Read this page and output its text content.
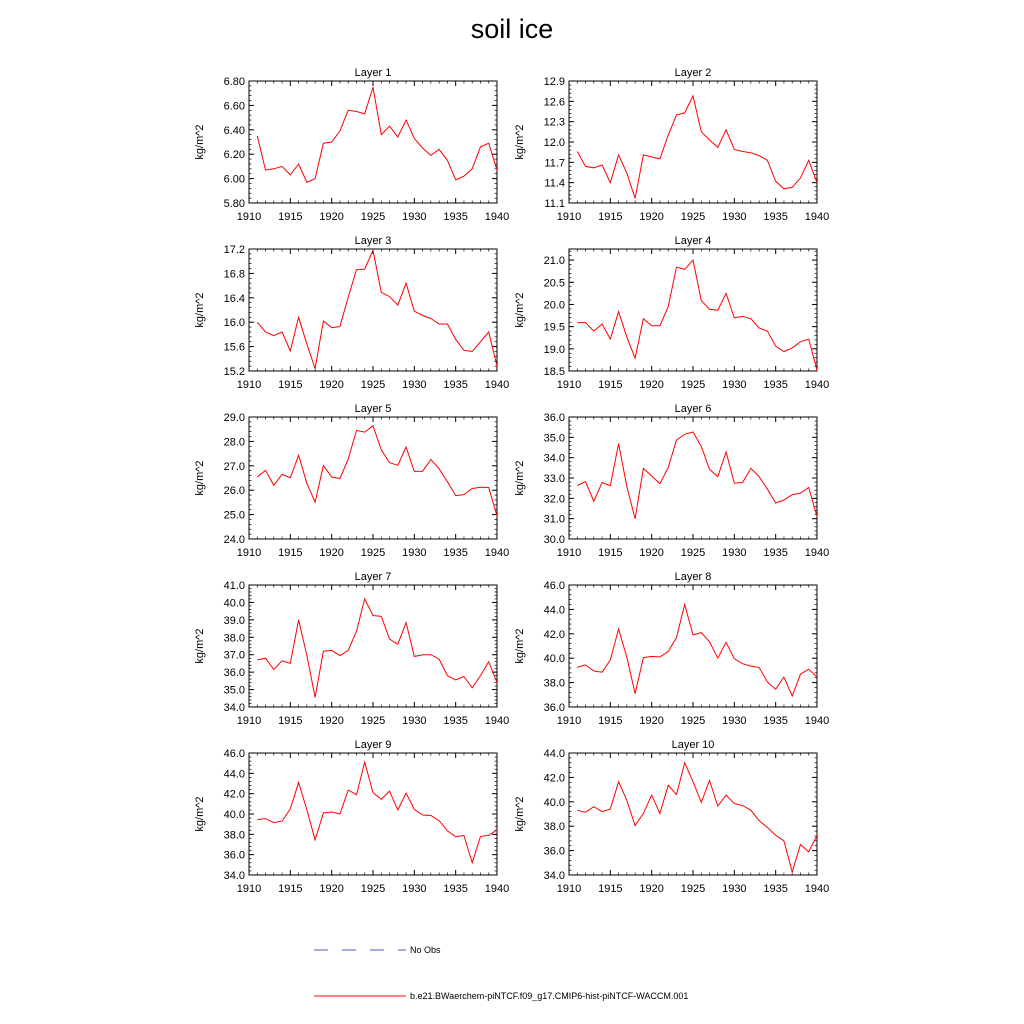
soil ice
Layer 1
kg/m^2
1910 1915 1920 1925 1930 1935 1940
5.80
6.00
6.20
6.40
6.60
6.80
Layer 2
kg/m^2
1910 1915 1920 1925 1930 1935 1940
11.1
11.4
11.7
12.0
12.3
12.6
12.9
Layer 3
kg/m^2
1910 1915 1920 1925 1930 1935 1940
15.2
15.6
16.0
16.4
16.8
17.2
Layer 4
kg/m^2
1910 1915 1920 1925 1930 1935 1940
18.5
19.0
19.5
20.0
20.5
21.0
Layer 5
kg/m^2
1910 1915 1920 1925 1930 1935 1940
24.0
25.0
26.0
27.0
28.0
29.0
Layer 6
kg/m^2
1910 1915 1920 1925 1930 1935 1940
30.0
31.0
32.0
33.0
34.0
35.0
36.0
Layer 7
kg/m^2
1910 1915 1920 1925 1930 1935 1940
34.0
35.0
36.0
37.0
38.0
39.0
40.0
41.0
Layer 8
kg/m^2
1910 1915 1920 1925 1930 1935 1940
36.0
38.0
40.0
42.0
44.0
46.0
Layer 9
kg/m^2
1910 1915 1920 1925 1930 1935 1940
34.0
36.0
38.0
40.0
42.0
44.0
46.0
Layer 10
kg/m^2
1910 1915 1920 1925 1930 1935 1940
34.0
36.0
38.0
40.0
42.0
44.0
No Obs
b.e21.BWaerchem-piNTCF.f09_g17.CMIP6-hist-piNTCF-WACCM.001
